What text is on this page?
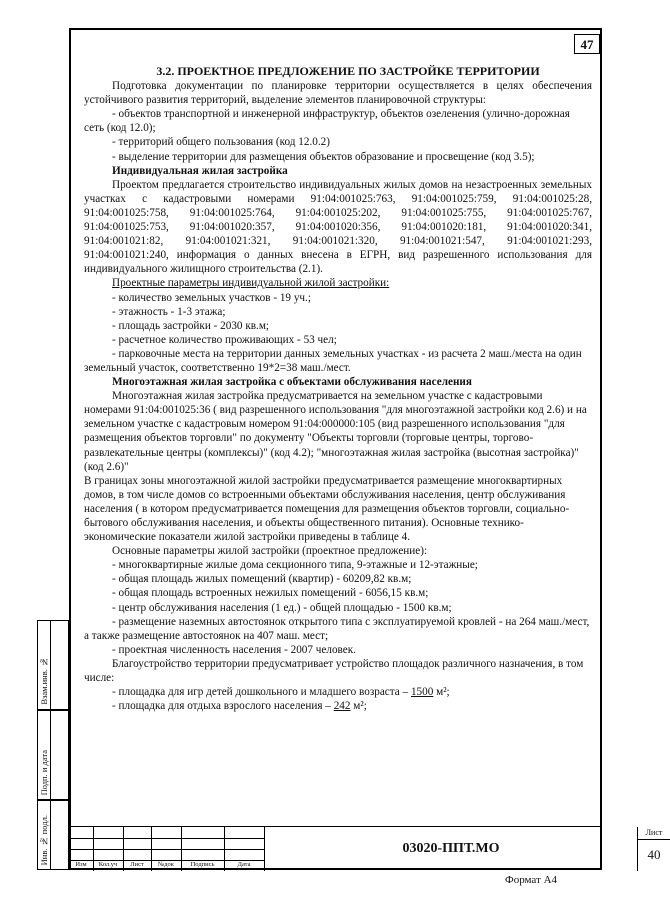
47

3.2. ПРОЕКТНОЕ ПРЕДЛОЖЕНИЕ ПО ЗАСТРОЙКЕ ТЕРРИТОРИИ

Подготовка документации по планировке территории осуществляется в целях обеспечения устойчивого развития территорий, выделение элементов планировочной структуры:

- объектов транспортной и инженерной инфраструктур, объектов озеленения (улично-дорожная сеть (код 12.0);

- территорий общего пользования (код 12.0.2)

- выделение территории для размещения объектов образование и просвещение (код 3.5);

Индивидуальная жилая застройка

Проектом предлагается строительство индивидуальных жилых домов на незастроенных земельных участках с кадастровыми номерами 91:04:001025:763, 91:04:001025:759, 91:04:001025:28, 91:04:001025:758, 91:04:001025:764, 91:04:001025:202, 91:04:001025:755, 91:04:001025:767, 91:04:001025:753, 91:04:001020:357, 91:04:001020:356, 91:04:001020:181, 91:04:001020:341, 91:04:001021:82, 91:04:001021:321, 91:04:001021:320, 91:04:001021:547, 91:04:001021:293, 91:04:001021:240, информация о данных внесена в ЕГРН, вид разрешенного использования для индивидуального жилищного строительства (2.1).

Проектные параметры индивидуальной жилой застройки:

- количество земельных участков - 19 уч.;

- этажность - 1-3 этажа;

- площадь застройки - 2030 кв.м;

- расчетное количество проживающих - 53 чел;

- парковочные места на территории данных земельных участках - из расчета 2 маш./места на один земельный участок, соответственно 19*2=38 маш./мест.

Многоэтажная жилая застройка с объектами обслуживания населения

Многоэтажная жилая застройка предусматривается на земельном участке с кадастровыми номерами 91:04:001025:36 ( вид разрешенного использования "для многоэтажной застройки код 2.6) и на земельном участке с кадастровым номером 91:04:000000:105 (вид разрешенного использования "для размещения объектов торговли" по документу "Объекты торговли (торговые центры, торгово-развлекательные центры (комплексы)" (код 4.2); "многоэтажная жилая застройка (высотная застройка)" (код 2.6)"

В границах зоны многоэтажной жилой застройки предусматривается размещение многоквартирных домов, в том числе домов со встроенными объектами обслуживания населения, центр обслуживания населения ( в котором предусматривается помещения для размещения объектов торговли, социально-бытового обслуживания населения, и объекты общественного питания). Основные технико-экономические показатели жилой застройки приведены в таблице 4.

Основные параметры жилой застройки (проектное предложение):

- многоквартирные жилые дома секционного типа, 9-этажные и 12-этажные;

- общая площадь жилых помещений (квартир) - 60209,82 кв.м;

- общая площадь встроенных нежилых помещений - 6056,15 кв.м;

- центр обслуживания населения (1 ед.) - общей площадью - 1500 кв.м;

- размещение наземных автостоянок открытого типа с эксплуатируемой кровлей - на 264 маш./мест, а также размещение автостоянок на 407 маш. мест;

- проектная численность населения - 2007 человек.

Благоустройство территории предусматривает устройство площадок различного назначения, в том числе:

- площадка для игр детей дошкольного и младшего возраста – 1500 м²;

- площадка для отдыха взрослого населения – 242 м²;

Взам.инв. №
Подп. и дата
Инв. № подл.	Изм	Кол.уч	Лист	№док	Подпись	Дата
03020-ППТ.МО
Лист
40
Формат А4
